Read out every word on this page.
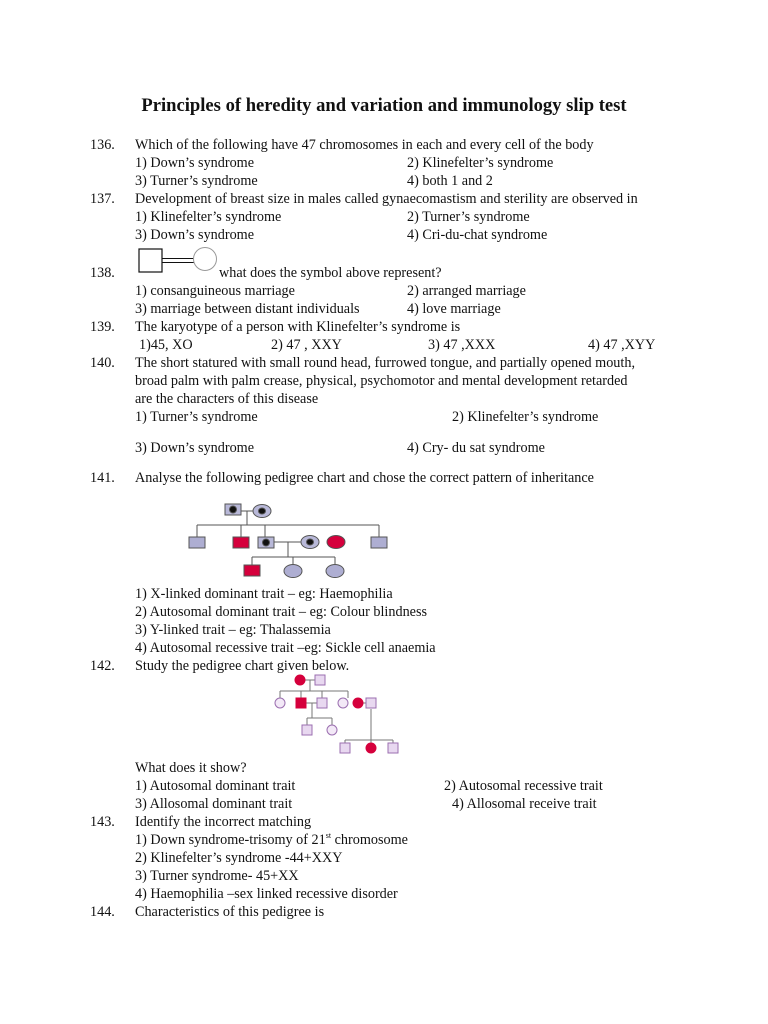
Principles of heredity and variation and immunology slip test
136. Which of the following have 47 chromosomes in each and every cell of the body
1) Down’s syndrome	2) Klinefelter’s syndrome
3) Turner’s syndrome	4) both 1 and 2
137. Development of breast size in males called gynaecomastism and sterility are observed in
1) Klinefelter’s syndrome	2) Turner’s syndrome
3) Down’s syndrome	4) Cri-du-chat syndrome
138.	what does the symbol above represent?
1) consanguineous marriage	2) arranged marriage
3) marriage between distant individuals	4) love marriage
139. The karyotype of a person with Klinefelter’s syndrome is
1)45, XO	2) 47 , XXY	3) 47 ,XXX	4) 47 ,XYY
140. The short statured with small round head, furrowed tongue, and partially opened mouth,
broad palm with palm crease, physical, psychomotor and mental development retarded
are the characters of this disease
1) Turner’s syndrome	2) Klinefelter’s syndrome
3) Down’s syndrome	4) Cry- du sat syndrome
141. Analyse the following pedigree chart and chose the correct pattern of inheritance
1) X-linked dominant trait – eg: Haemophilia
2) Autosomal dominant trait – eg: Colour blindness
3) Y-linked trait – eg: Thalassemia
4) Autosomal recessive trait –eg: Sickle cell anaemia
142. Study the pedigree chart given below.
What does it show?
1) Autosomal dominant trait	2) Autosomal recessive trait
3) Allosomal dominant trait	4) Allosomal receive trait
143. Identify the incorrect matching
1) Down syndrome-trisomy of 21st chromosome
2) Klinefelter’s syndrome -44+XXY
3) Turner syndrome- 45+XX
4) Haemophilia –sex linked recessive disorder
144. Characteristics of this pedigree is
